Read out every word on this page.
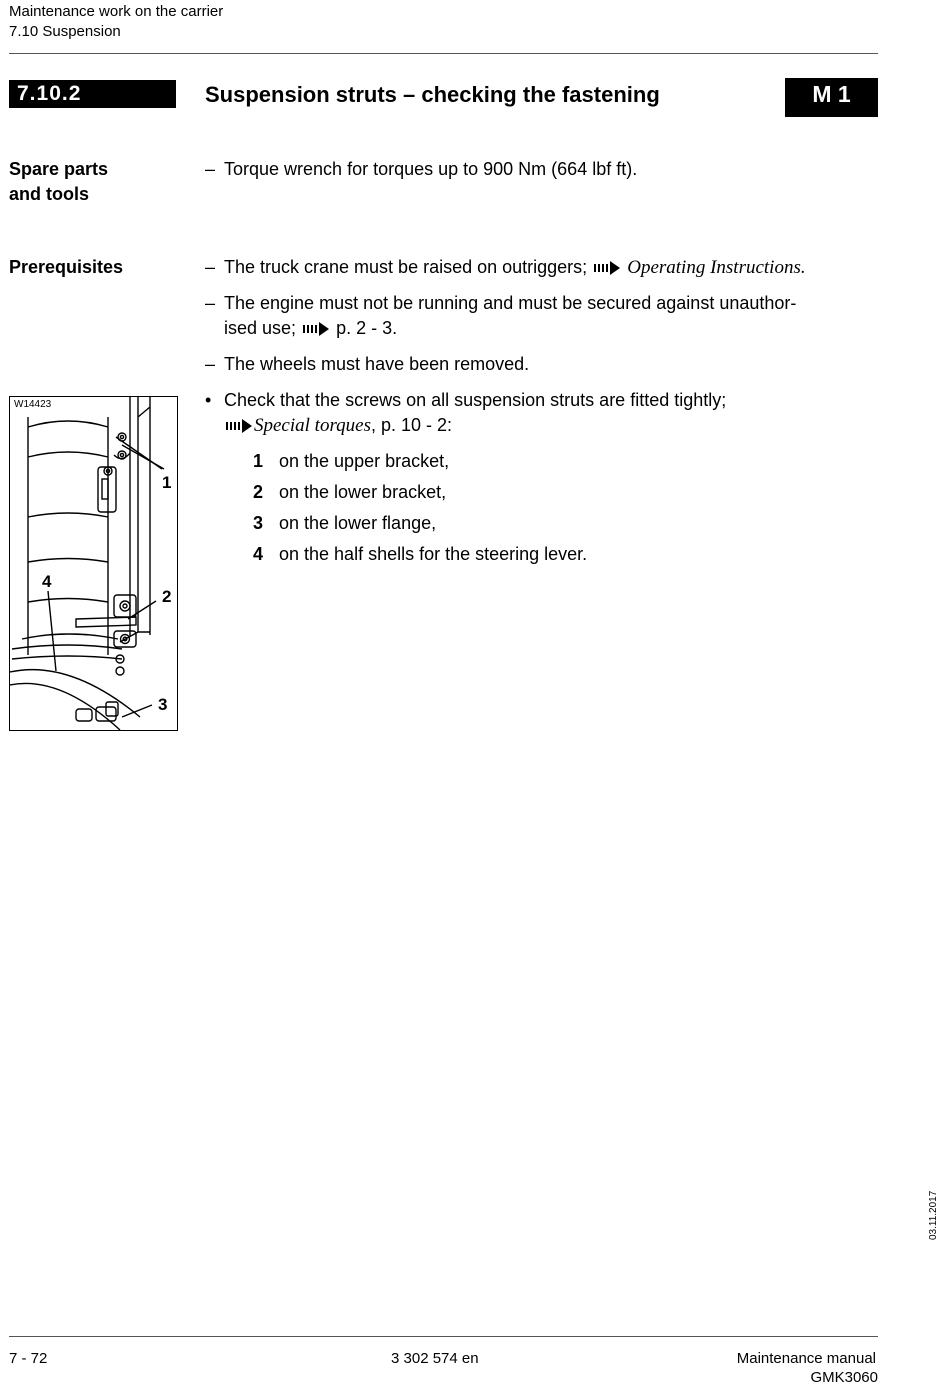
Maintenance work on the carrier
7.10 Suspension
7.10.2	Suspension struts – checking the fastening	M 1
Spare parts
and tools
– Torque wrench for torques up to 900 Nm (664 lbf ft).
Prerequisites	– The truck crane must be raised on outriggers; Operating Instructions.
– The engine must not be running and must be secured against unauthor-
ised use; p. 2 - 3.
– The wheels must have been removed.
• Check that the screws on all suspension struts are fitted tightly;
Special torques, p. 10 - 2:
1 on the upper bracket,
2 on the lower bracket,
3 on the lower flange,
4 on the half shells for the steering lever.
W14423
1
2
3
4
03.11.2017
7 - 72	3 302 574 en	Maintenance manual
GMK3060
